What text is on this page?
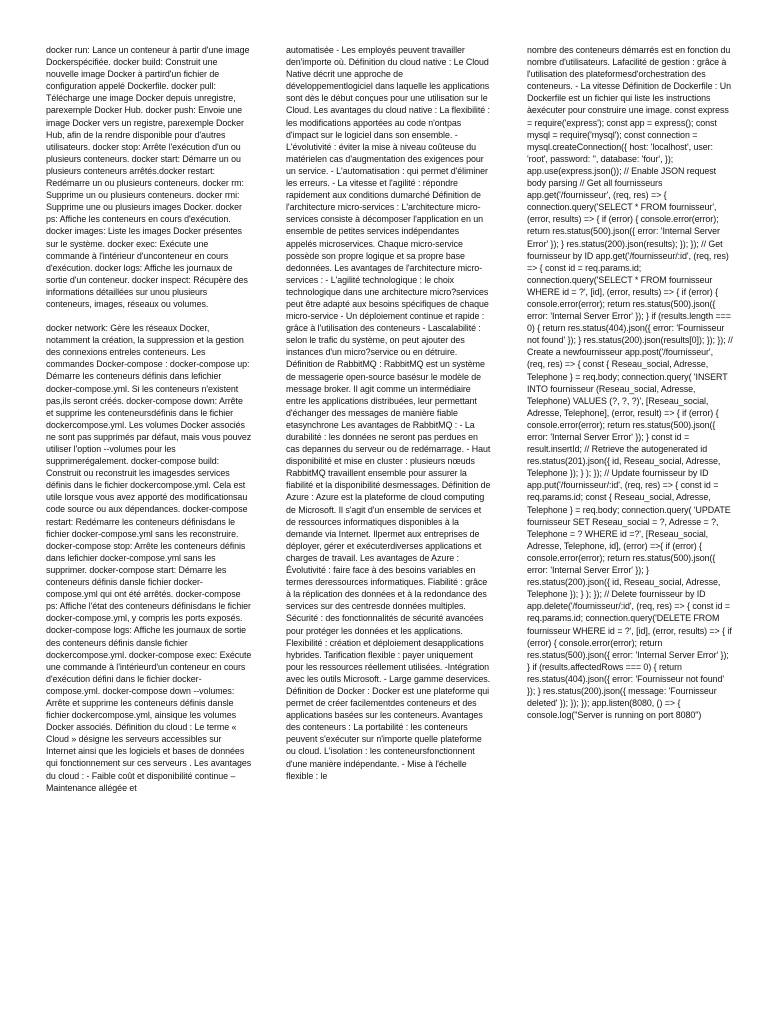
docker run: Lance un conteneur à partir d'une image Dockerspécifiée. docker build: Construit une nouvelle image Docker à partird'un fichier de configuration appelé Dockerfile. docker pull: Télécharge une image Docker depuis unregistre, parexemple Docker Hub. docker push: Envoie une image Docker vers un registre, parexemple Docker Hub, afin de la rendre disponible pour d'autres utilisateurs. docker stop: Arrête l'exécution d'un ou plusieurs conteneurs. docker start: Démarre un ou plusieurs conteneurs arrêtés.docker restart: Redémarre un ou plusieurs conteneurs. docker rm: Supprime un ou plusieurs conteneurs. docker rmi: Supprime une ou plusieurs images Docker. docker ps: Affiche les conteneurs en cours d'exécution. docker images: Liste les images Docker présentes sur le système. docker exec: Exécute une commande à l'intérieur d'unconteneur en cours d'exécution. docker logs: Affiche les journaux de sortie d'un conteneur. docker inspect: Récupère des informations détaillées sur unou plusieurs conteneurs, images, réseaux ou volumes.

docker network: Gère les réseaux Docker, notamment la création, la suppression et la gestion des connexions entreles conteneurs. Les commandes Docker-compose : docker-compose up: Démarre les conteneurs définis dans lefichier docker-compose.yml. Si les conteneurs n'existent pas,ils seront créés. docker-compose down: Arrête et supprime les conteneursdéfinis dans le fichier dockercompose.yml. Les volumes Docker associés ne sont pas supprimés par défaut, mais vous pouvez utiliser l'option --volumes pour les supprimerégalement. docker-compose build: Construit ou reconstruit les imagesdes services définis dans le fichier dockercompose.yml. Cela est utile lorsque vous avez apporté des modificationsau code source ou aux dépendances. docker-compose restart: Redémarre les conteneurs définisdans le fichier docker-compose.yml sans les reconstruire. docker-compose stop: Arrête les conteneurs définis dans lefichier docker-compose.yml sans les supprimer. docker-compose start: Démarre les conteneurs définis dansle fichier docker-compose.yml qui ont été arrêtés. docker-compose ps: Affiche l'état des conteneurs définisdans le fichier docker-compose.yml, y compris les ports exposés. docker-compose logs: Affiche les journaux de sortie des conteneurs définis dansle fichier dockercompose.yml. docker-compose exec: Exécute une commande à l'intérieurd'un conteneur en cours d'exécution défini dans le fichier docker-compose.yml. docker-compose down --volumes: Arrête et supprime les conteneurs définis dansle fichier dockercompose.yml, ainsique les volumes Docker associés. Définition du cloud : Le terme « Cloud » désigne les serveurs accessibles sur Internet ainsi que les logiciels et bases de données qui fonctionnement sur ces serveurs . Les avantages du cloud : - Faible coût et disponibilité continue – Maintenance allégée et

automatisée - Les employés peuvent travailler den'importe où. Définition du cloud native : Le Cloud Native décrit une approche de développementlogiciel dans laquelle les applications sont dès le début conçues pour une utilisation sur le Cloud. Les avantages du cloud native : La flexibilité : les modifications apportées au code n'ontpas d'impact sur le logiciel dans son ensemble. - L'évolutivité : éviter la mise à niveau coûteuse du matérielen cas d'augmentation des exigences pour un service. - L'automatisation : qui permet d'éliminer les erreurs. - La vitesse et l'agilité : répondre rapidement aux conditions dumarché Définition de l'architecture micro-services : L'architecture micro-services consiste à décomposer l'application en un ensemble de petites services indépendantes appelés microservices. Chaque micro-service possède son propre logique et sa propre base dedonnées. Les avantages de l'architecture micro-services : - L'agilité technologique : le choix technologique dans une architecture micro?services peut être adapté aux besoins spécifiques de chaque micro-service - Un déploiement continue et rapide : grâce à l'utilisation des conteneurs - Lascalabilité : selon le trafic du système, on peut ajouter des instances d'un micro?service ou en détruire. Définition de RabbitMQ : RabbitMQ est un système de messagerie open-source basésur le modèle de message broker. Il agit comme un intermédiaire entre les applications distribuées, leur permettant d'échanger des messages de manière fiable etasynchrone Les avantages de RabbitMQ : - La durabilité : les données ne seront pas perdues en cas depannes du serveur ou de redémarrage. - Haut disponibilité et mise en cluster : plusieurs nœuds RabbitMQ travaillent ensemble pour assurer la fiabilité et la disponibilité desmessages. Définition de Azure : Azure est la plateforme de cloud computing de Microsoft. Il s'agit d'un ensemble de services et de ressources informatiques disponibles à la demande via Internet. Ilpermet aux entreprises de déployer, gérer et exécuterdiverses applications et charges de travail. Les avantages de Azure : Évolutivité : faire face à des besoins variables en termes deressources informatiques. Fiabilité : grâce à la réplication des données et à la redondance des services sur des centresde données multiples. Sécurité : des fonctionnalités de sécurité avancées pour protéger les données et les applications. Flexibilité : création et déploiement desapplications hybrides. Tarification flexible : payer uniquement pour les ressources réellement utilisées. -Intégration avec les outils Microsoft. - Large gamme deservices. Définition de Docker : Docker est une plateforme qui permet de créer facilementdes conteneurs et des applications basées sur les conteneurs. Avantages des conteneurs : La portabilité : les conteneurs peuvent s'exécuter sur n'importe quelle plateforme ou cloud. L'isolation : les conteneursfonctionnent d'une manière indépendante. - Mise à l'échelle flexible : le

nombre des conteneurs démarrés est en fonction du nombre d'utilisateurs. Lafacilité de gestion : grâce à l'utilisation des plateformesd'orchestration des conteneurs. - La vitesse Définition de Dockerfile : Un Dockerfile est un fichier qui liste les instructions àexécuter pour construire une image. const express = require('express'); const app = express(); const mysql = require('mysql'); const connection = mysql.createConnection({ host: 'localhost', user: 'root', password: '', database: 'four', }); app.use(express.json()); // Enable JSON request body parsing // Get all fournisseurs app.get('/fournisseur', (req, res) => { connection.query('SELECT * FROM fournisseur', (error, results) => { if (error) { console.error(error); return res.status(500).json({ error: 'Internal Server Error' }); } res.status(200).json(results); }); }); // Get fournisseur by ID app.get('/fournisseur/:id', (req, res) => { const id = req.params.id; connection.query('SELECT * FROM fournisseur WHERE id = ?', [id], (error, results) => { if (error) { console.error(error); return res.status(500).json({ error: 'Internal Server Error' }); } if (results.length === 0) { return res.status(404).json({ error: 'Fournisseur not found' }); } res.status(200).json(results[0]); }); }); // Create a newfournisseur app.post('/fournisseur', (req, res) => { const { Reseau_social, Adresse, Telephone } = req.body; connection.query( 'INSERT INTO fournisseur (Reseau_social, Adresse, Telephone) VALUES (?, ?, ?)', [Reseau_social, Adresse, Telephone], (error, result) => { if (error) { console.error(error); return res.status(500).json({ error: 'Internal Server Error' }); } const id = result.insertId; // Retrieve the autogenerated id res.status(201).json({ id, Reseau_social, Adresse, Telephone }); } ); }); // Update fournisseur by ID app.put('/fournisseur/:id', (req, res) => { const id = req.params.id; const { Reseau_social, Adresse, Telephone } = req.body; connection.query( 'UPDATE fournisseur SET Reseau_social = ?, Adresse = ?, Telephone = ? WHERE id =?', [Reseau_social, Adresse, Telephone, id], (error) =>{ if (error) { console.error(error); return res.status(500).json({ error: 'Internal Server Error' }); } res.status(200).json({ id, Reseau_social, Adresse, Telephone }); } ); }); // Delete fournisseur by ID app.delete('/fournisseur/:id', (req, res) => { const id = req.params.id; connection.query('DELETE FROM fournisseur WHERE id = ?', [id], (error, results) => { if (error) { console.error(error); return res.status(500).json({ error: 'Internal Server Error' }); } if (results.affectedRows === 0) { return res.status(404).json({ error: 'Fournisseur not found' }); } res.status(200).json({ message: 'Fournisseur deleted' }); }); }); app.listen(8080, () => { console.log("Server is running on port 8080")
